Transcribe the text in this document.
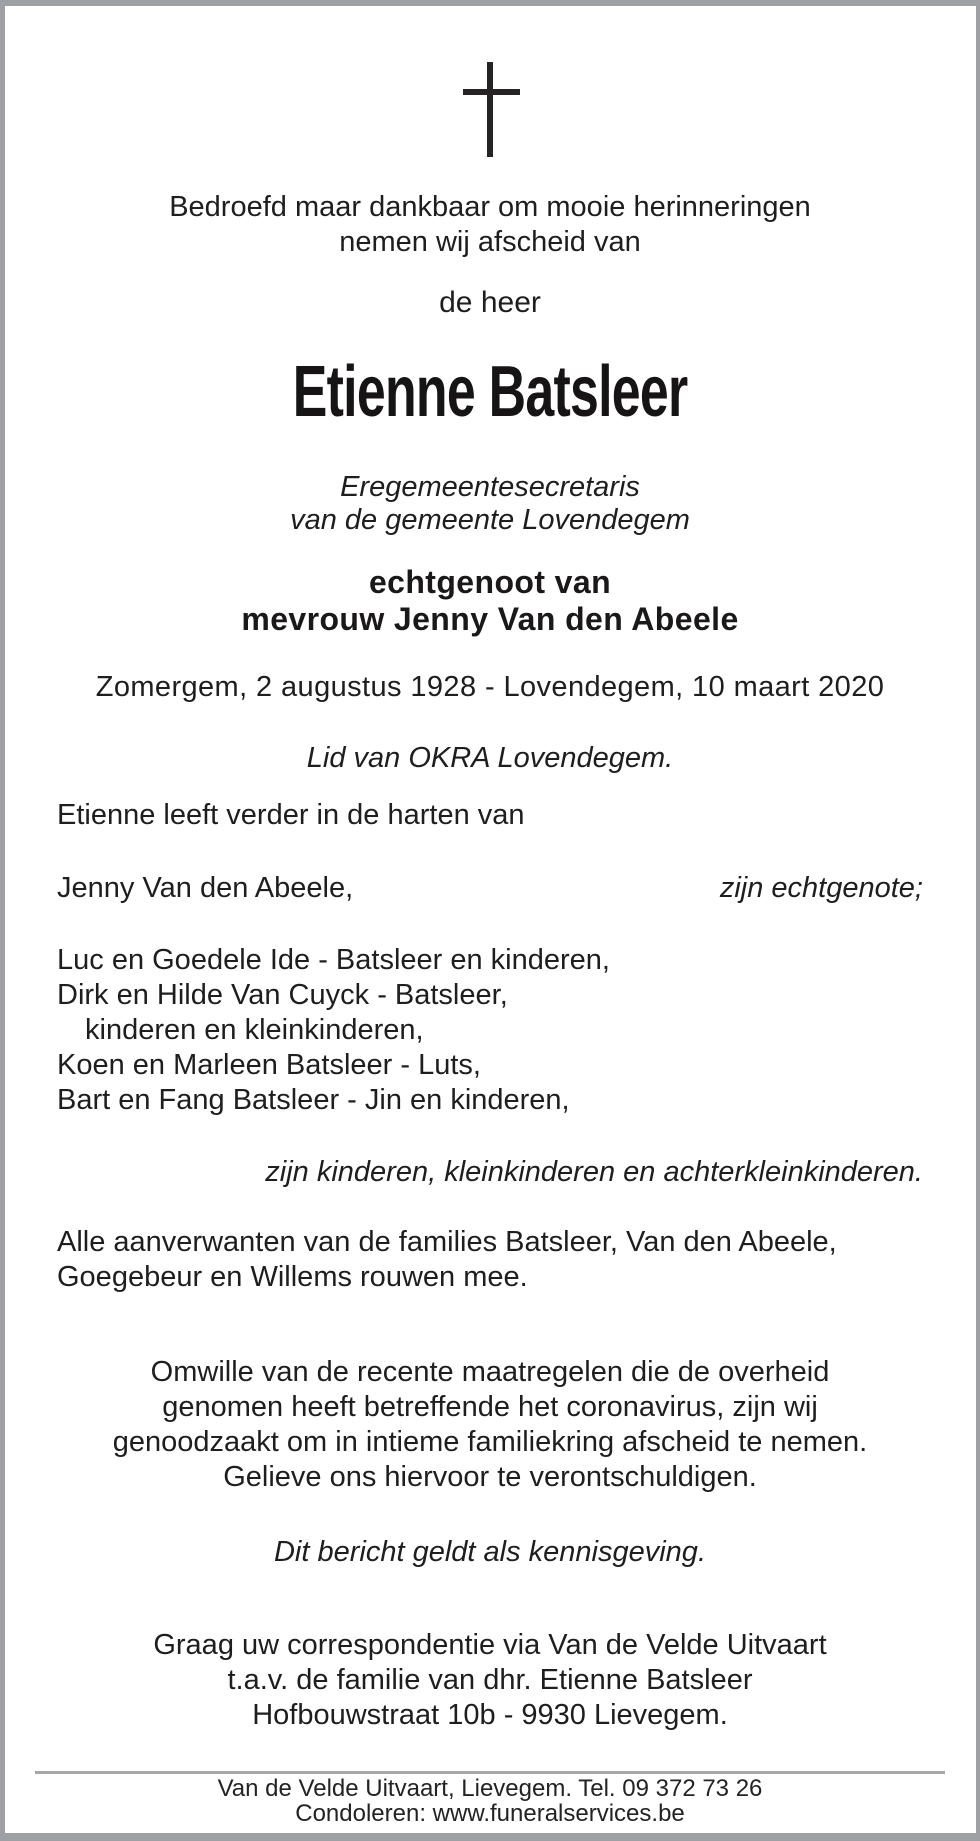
Bedroefd maar dankbaar om mooie herinneringen
nemen wij afscheid van
de heer
Etienne Batsleer
Eregemeentesecretaris
van de gemeente Lovendegem
echtgenoot van
mevrouw Jenny Van den Abeele
Zomergem, 2 augustus 1928 - Lovendegem, 10 maart 2020
Lid van OKRA Lovendegem.
Etienne leeft verder in de harten van
Jenny Van den Abeele,	zijn echtgenote;
Luc en Goedele Ide - Batsleer en kinderen,
Dirk en Hilde Van Cuyck - Batsleer,
kinderen en kleinkinderen,
Koen en Marleen Batsleer - Luts,
Bart en Fang Batsleer - Jin en kinderen,
zijn kinderen, kleinkinderen en achterkleinkinderen.
Alle aanverwanten van de families Batsleer, Van den Abeele,
Goegebeur en Willems rouwen mee.
Omwille van de recente maatregelen die de overheid
genomen heeft betreffende het coronavirus, zijn wij
genoodzaakt om in intieme familiekring afscheid te nemen.
Gelieve ons hiervoor te verontschuldigen.
Dit bericht geldt als kennisgeving.
Graag uw correspondentie via Van de Velde Uitvaart
t.a.v. de familie van dhr. Etienne Batsleer
Hofbouwstraat 10b - 9930 Lievegem.
Van de Velde Uitvaart, Lievegem. Tel. 09 372 73 26
Condoleren: www.funeralservices.be
